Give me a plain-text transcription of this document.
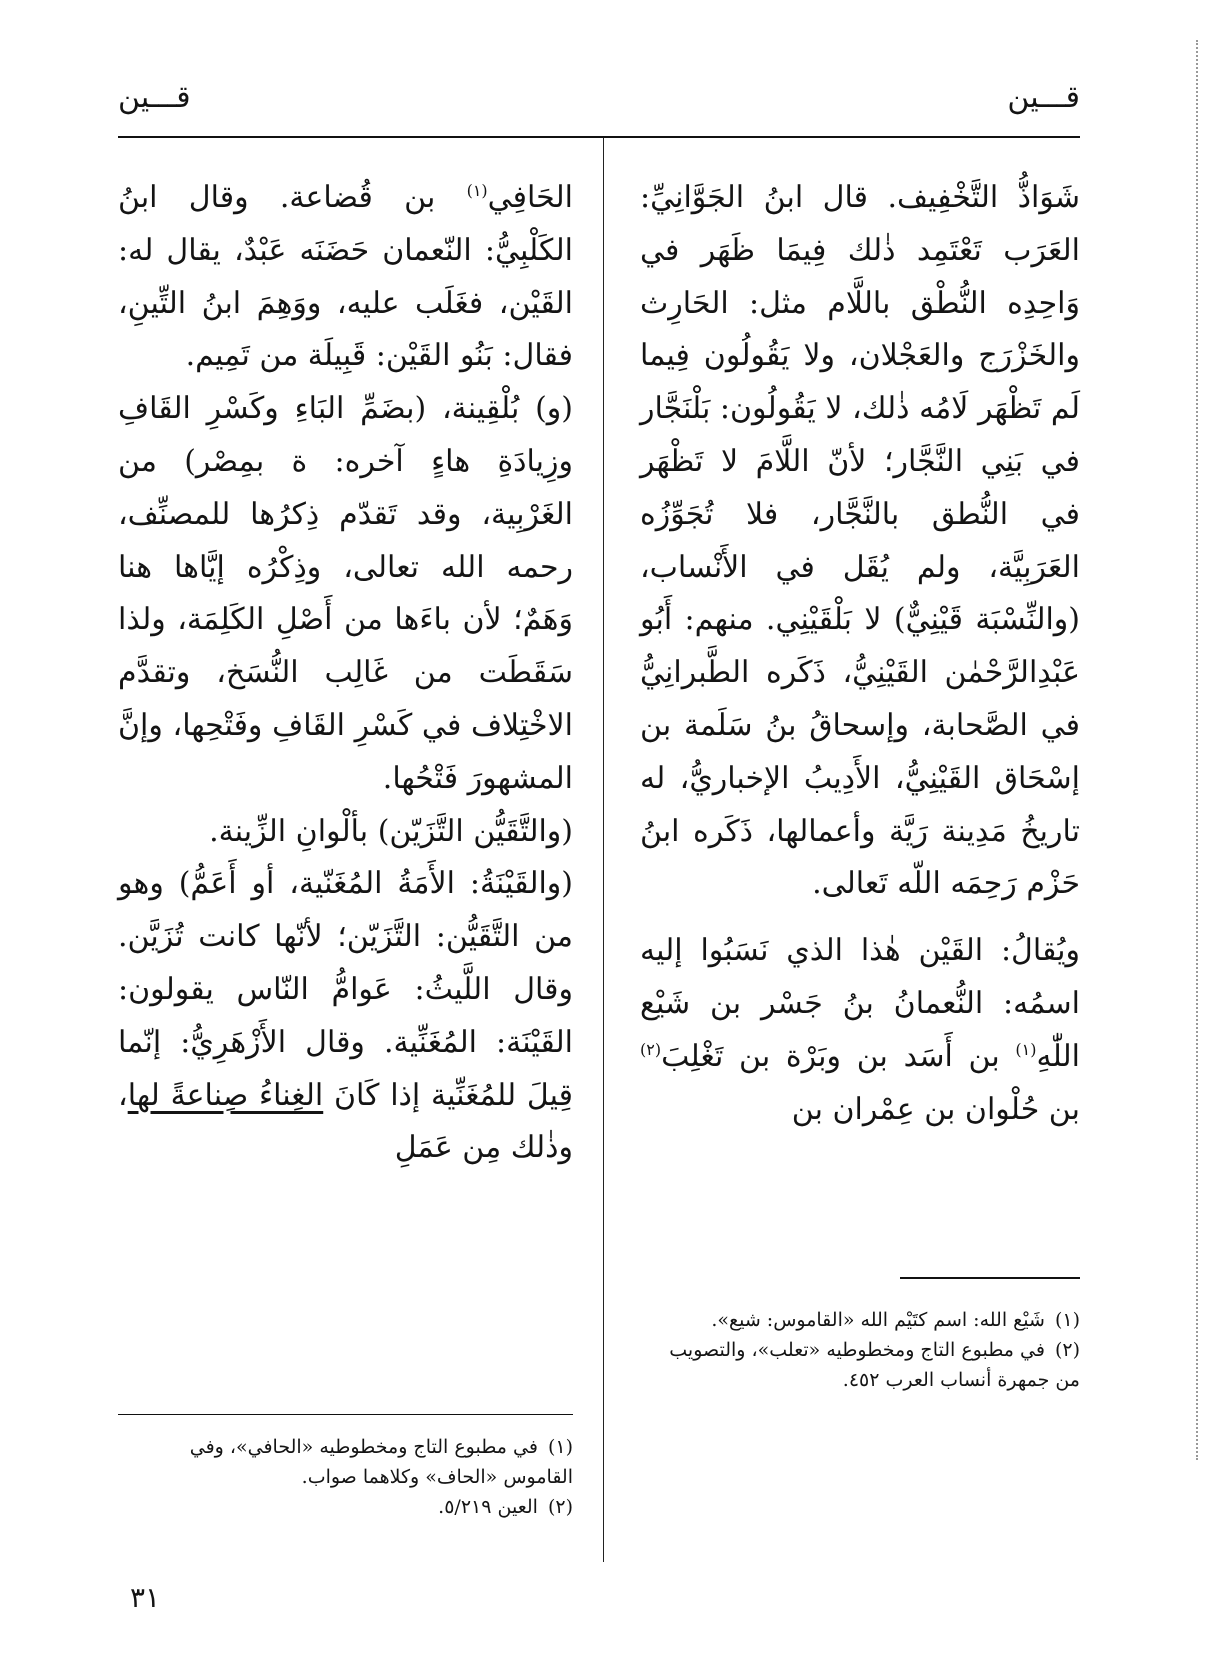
قـــين
قـــين

شَوَاذُّ التَّخْفِيف. قال ابنُ الجَوَّانِيِّ: العَرَب تَعْتَمِد ذٰلك فِيمَا ظَهَر في وَاحِدِه النُّطْق باللَّام مثل: الحَارِث والخَزْرَج والعَجْلان، ولا يَقُولُون فِيما لَم تَظْهَر لَامُه ذٰلك، لا يَقُولُون: بَلْنَجَّار في بَنِي النَّجَّار؛ لأنّ اللَّامَ لا تَظْهَر في النُّطق بالنَّجَّار، فلا تُجَوِّزُه العَرَبِيَّة، ولم يُقَل في الأَنْساب، (والنِّسْبَة قَيْنِيٌّ) لا بَلْقَيْنِي. منهم: أَبُو عَبْدِالرَّحْمٰن القَيْنِيُّ، ذَكَره الطَّبرانِيُّ في الصَّحابة، وإسحاقُ بنُ سَلَمة بن إسْحَاق القَيْنِيُّ، الأَدِيبُ الإخباريُّ، له تاريخُ مَدِينة رَيَّة وأعمالها، ذَكَره ابنُ حَزْم رَحِمَه اللّه تَعالى.

ويُقالُ: القَيْن هٰذا الذي نَسَبُوا إليه اسمُه: النُّعمانُ بنُ جَسْر بن شَيْع اللّٰهِ$^{(١)}$ بن أَسَد بن وبَرْة بن تَغْلِبَ$^{(٢)}$ بن حُلْوان بن عِمْران بن

الحَافِي$^{(١)}$ بن قُضاعة. وقال ابنُ الكَلْبِيُّ: النّعمان حَضَنَه عَبْدٌ، يقال له: القَيْن، فغَلَب عليه، ووَهِمَ ابنُ التِّينِ، فقال: بَنُو القَيْن: قَبِيلَة من تَمِيم.

(و) بُلْقِينة، (بضَمِّ البَاءِ وكَسْرِ القَافِ وزِيادَةِ هاءٍ آخره: ة بمِصْر) من الغَرْبِية، وقد تَقدّم ذِكرُها للمصنِّف، رحمه الله تعالى، وذِكْرُه إيَّاها هنا وَهَمٌ؛ لأن باءَها من أَصْلِ الكَلِمَة، ولذا سَقَطَت من غَالِب النُّسَخ، وتقدَّم الاخْتِلاف في كَسْرِ القَافِ وفَتْحِها، وإنَّ المشهورَ فَتْحُها.

(والتَّقَيُّن التَّزَيّن) بألْوانِ الزِّينة.

(والقَيْنَةُ: الأَمَةُ المُغَنّية، أو أَعَمُّ) وهو من التَّقَيُّن: التَّزَيّن؛ لأنّها كانت تُزَيَّن. وقال اللَّيثُ: عَوامُّ النّاس يقولون: القَيْنَة: المُغَنِّية. وقال الأَزْهَرِيُّ: إنّما قِيلَ للمُغَنِّية إذا كَانَ الغِناءُ صِناعةً لها، وذٰلك مِن عَمَلِ

(١)شَيْع الله: اسم كتَيْم الله «القاموس: شيع».

(٢)في مطبوع التاج ومخطوطيه «تعلب»، والتصويب من جمهرة أنساب العرب ٤٥٢.

(١)في مطبوع التاج ومخطوطيه «الحافي»، وفي القاموس «الحاف» وكلاهما صواب.

(٢)العين ٥/٢١٩.

٣١
